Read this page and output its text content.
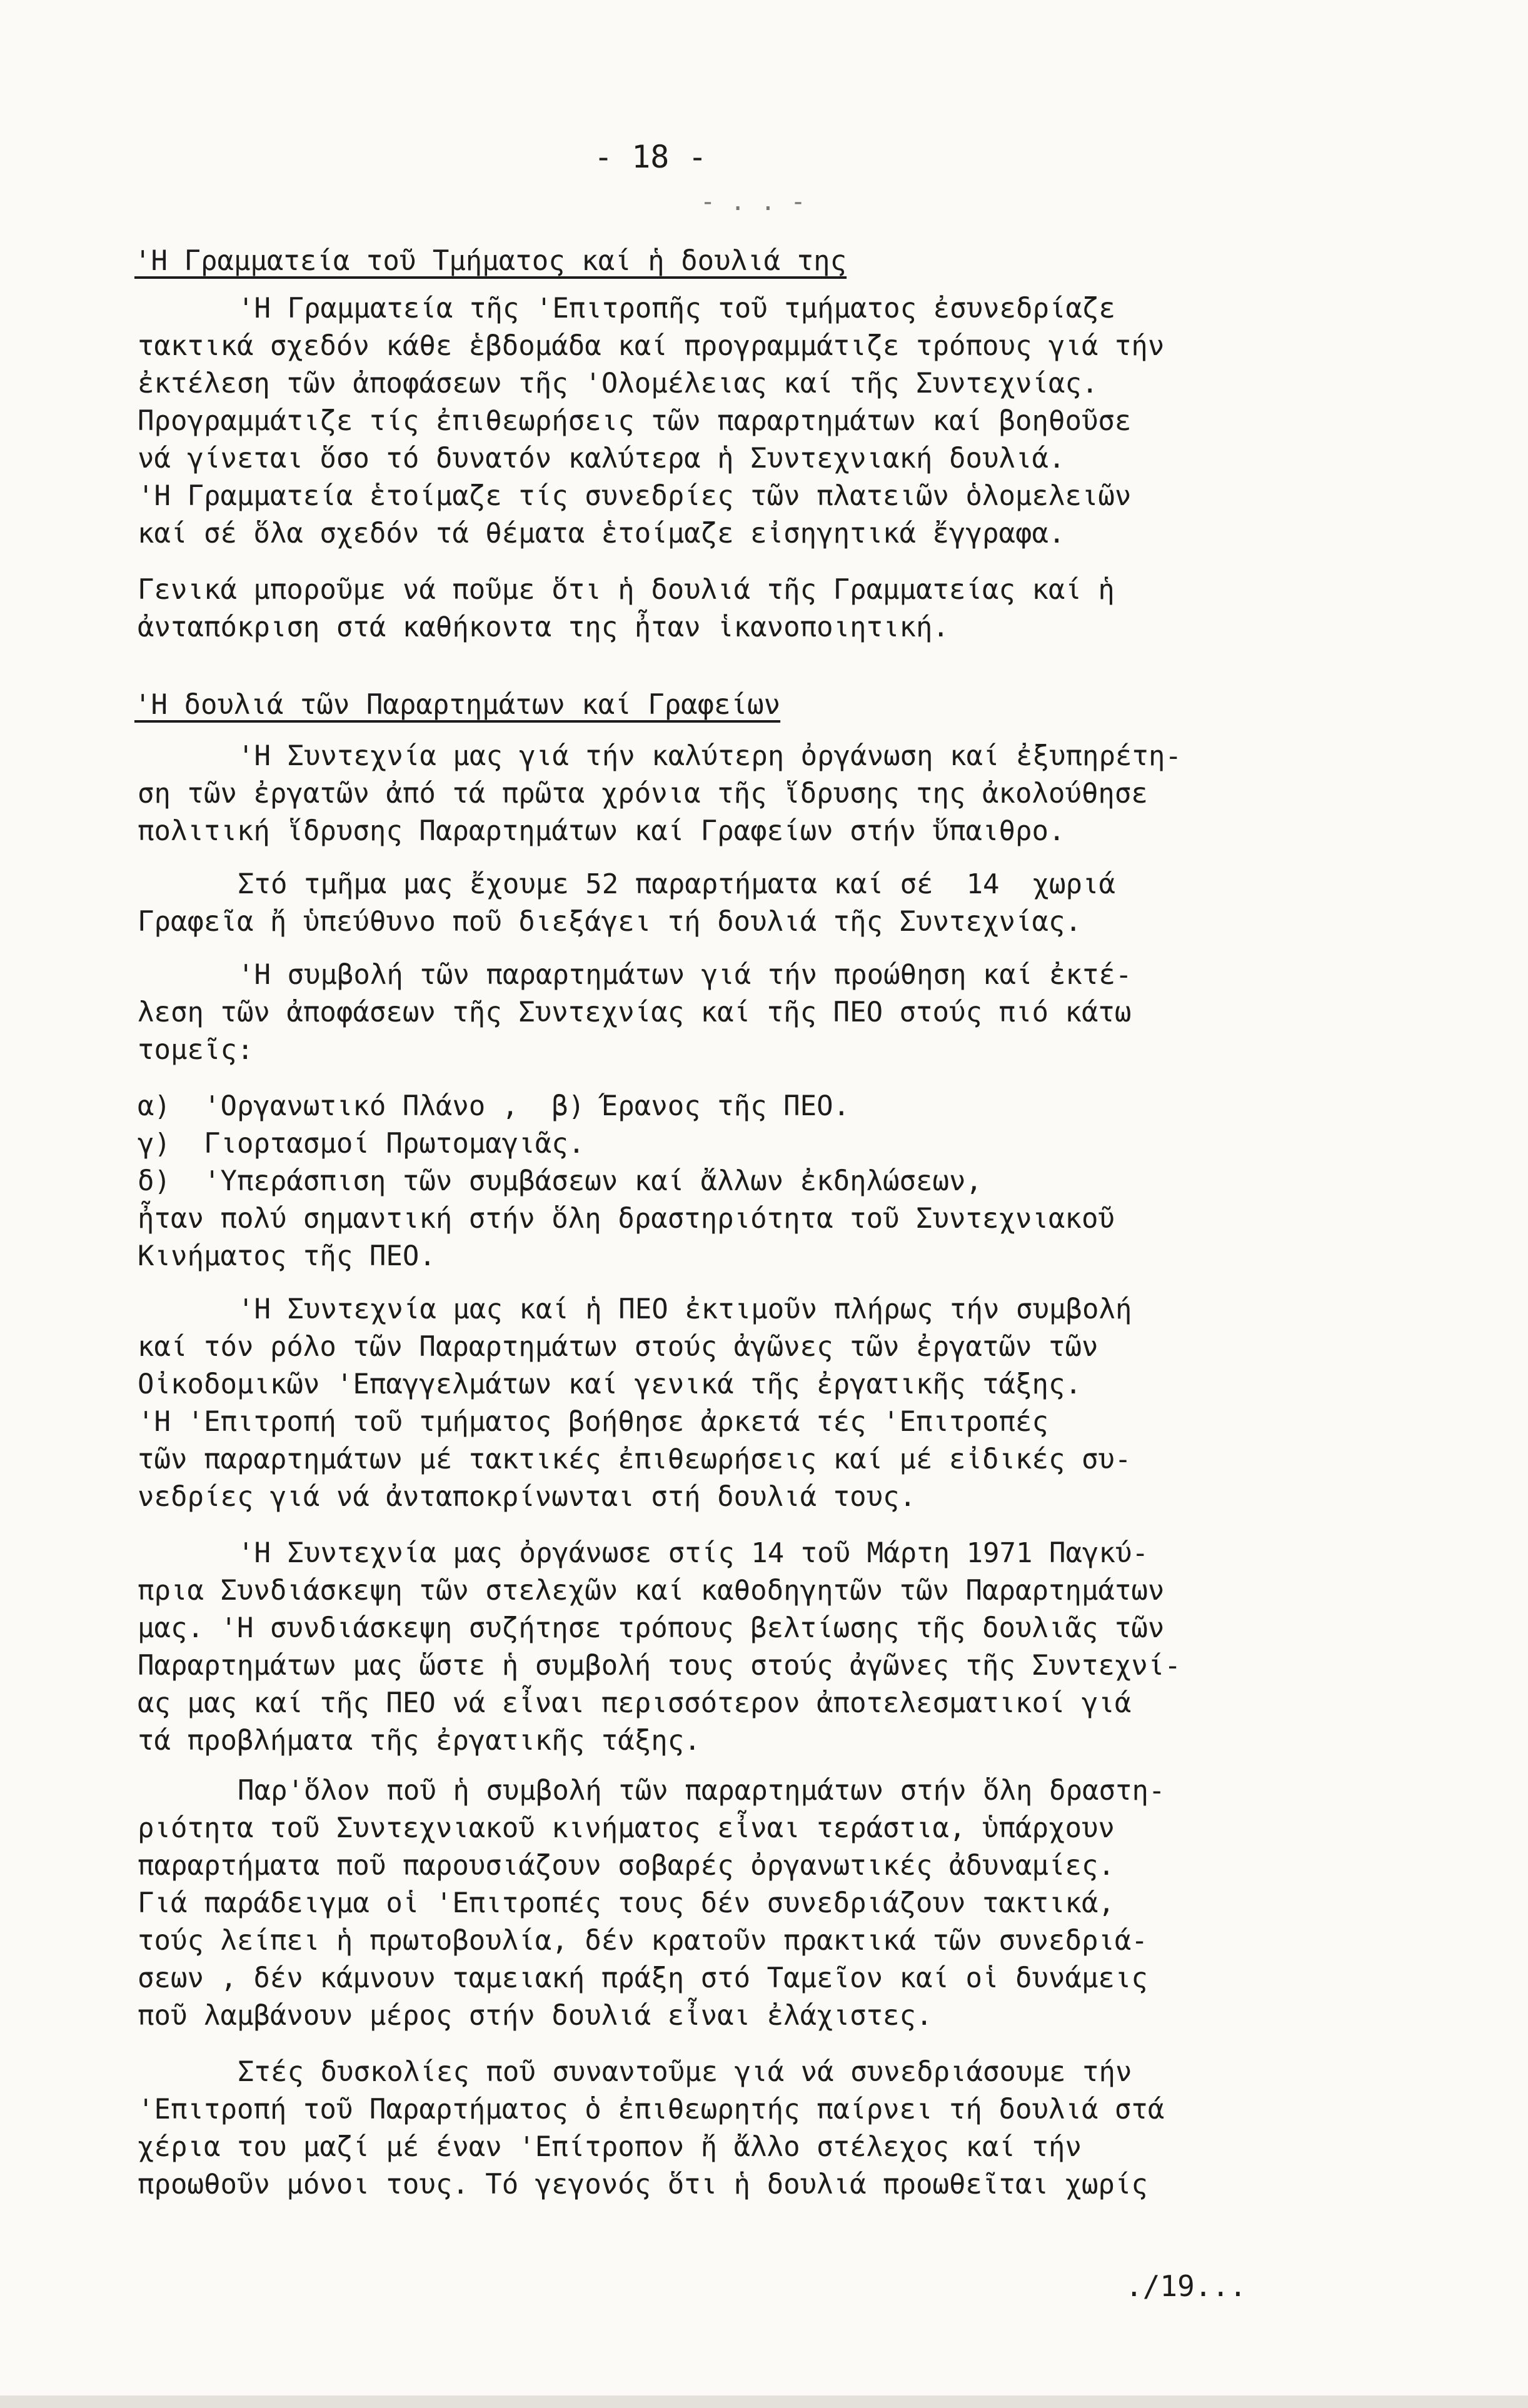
- 18 -
- . . -
'Η Γραμματεία τοῦ Τμήματος καί ἡ δουλιά της
'Η Γραμματεία τῆς 'Επιτροπῆς τοῦ τμήματος ἐσυνεδρίαζε
τακτικά σχεδόν κάθε ἑβδομάδα καί προγραμμάτιζε τρόπους γιά τήν
ἐκτέλεση τῶν ἀποφάσεων τῆς 'Ολομέλειας καί τῆς Συντεχνίας.
Προγραμμάτιζε τίς ἐπιθεωρήσεις τῶν παραρτημάτων καί βοηθοῦσε
νά γίνεται ὅσο τό δυνατόν καλύτερα ἡ Συντεχνιακή δουλιά.
'Η Γραμματεία ἑτοίμαζε τίς συνεδρίες τῶν πλατειῶν ὁλομελειῶν
καί σέ ὅλα σχεδόν τά θέματα ἑτοίμαζε εἰσηγητικά ἔγγραφα.
Γενικά μποροῦμε νά ποῦμε ὅτι ἡ δουλιά τῆς Γραμματείας καί ἡ
ἀνταπόκριση στά καθήκοντα της ἦταν ἱκανοποιητική.
'Η δουλιά τῶν Παραρτημάτων καί Γραφείων
'Η Συντεχνία μας γιά τήν καλύτερη ὀργάνωση καί ἐξυπηρέτη-
ση τῶν ἐργατῶν ἀπό τά πρῶτα χρόνια τῆς ἵδρυσης της ἀκολούθησε
πολιτική ἵδρυσης Παραρτημάτων καί Γραφείων στήν ὕπαιθρο.
Στό τμῆμα μας ἔχουμε 52 παραρτήματα καί σέ  14  χωριά
Γραφεῖα ἤ ὑπεύθυνο ποῦ διεξάγει τή δουλιά τῆς Συντεχνίας.
'Η συμβολή τῶν παραρτημάτων γιά τήν προώθηση καί ἐκτέ-
λεση τῶν ἀποφάσεων τῆς Συντεχνίας καί τῆς ΠΕΟ στούς πιό κάτω
τομεῖς:
α)  'Οργανωτικό Πλάνο ,  β) Έρανος τῆς ΠΕΟ.
γ)  Γιορτασμοί Πρωτομαγιᾶς.
δ)  'Υπεράσπιση τῶν συμβάσεων καί ἄλλων ἐκδηλώσεων,
ἦταν πολύ σημαντική στήν ὅλη δραστηριότητα τοῦ Συντεχνιακοῦ
Κινήματος τῆς ΠΕΟ.
'Η Συντεχνία μας καί ἡ ΠΕΟ ἐκτιμοῦν πλήρως τήν συμβολή
καί τόν ρόλο τῶν Παραρτημάτων στούς ἀγῶνες τῶν ἐργατῶν τῶν
Οἰκοδομικῶν 'Επαγγελμάτων καί γενικά τῆς ἐργατικῆς τάξης.
'Η 'Επιτροπή τοῦ τμήματος βοήθησε ἀρκετά τές 'Επιτροπές
τῶν παραρτημάτων μέ τακτικές ἐπιθεωρήσεις καί μέ εἰδικές συ-
νεδρίες γιά νά ἀνταποκρίνωνται στή δουλιά τους.
'Η Συντεχνία μας ὀργάνωσε στίς 14 τοῦ Μάρτη 1971 Παγκύ-
πρια Συνδιάσκεψη τῶν στελεχῶν καί καθοδηγητῶν τῶν Παραρτημάτων
μας. 'Η συνδιάσκεψη συζήτησε τρόπους βελτίωσης τῆς δουλιᾶς τῶν
Παραρτημάτων μας ὥστε ἡ συμβολή τους στούς ἀγῶνες τῆς Συντεχνί-
ας μας καί τῆς ΠΕΟ νά εἶναι περισσότερον ἀποτελεσματικοί γιά
τά προβλήματα τῆς ἐργατικῆς τάξης.
Παρ'ὅλον ποῦ ἡ συμβολή τῶν παραρτημάτων στήν ὅλη δραστη-
ριότητα τοῦ Συντεχνιακοῦ κινήματος εἶναι τεράστια, ὑπάρχουν
παραρτήματα ποῦ παρουσιάζουν σοβαρές ὀργανωτικές ἀδυναμίες.
Γιά παράδειγμα οἱ 'Επιτροπές τους δέν συνεδριάζουν τακτικά,
τούς λείπει ἡ πρωτοβουλία, δέν κρατοῦν πρακτικά τῶν συνεδριά-
σεων , δέν κάμνουν ταμειακή πράξη στό Ταμεῖον καί οἱ δυνάμεις
ποῦ λαμβάνουν μέρος στήν δουλιά εἶναι ἐλάχιστες.
Στές δυσκολίες ποῦ συναντοῦμε γιά νά συνεδριάσουμε τήν
'Επιτροπή τοῦ Παραρτήματος ὁ ἐπιθεωρητής παίρνει τή δουλιά στά
χέρια του μαζί μέ έναν 'Επίτροπον ἤ ἄλλο στέλεχος καί τήν
προωθοῦν μόνοι τους. Τό γεγονός ὅτι ἡ δουλιά προωθεῖται χωρίς
./19...
